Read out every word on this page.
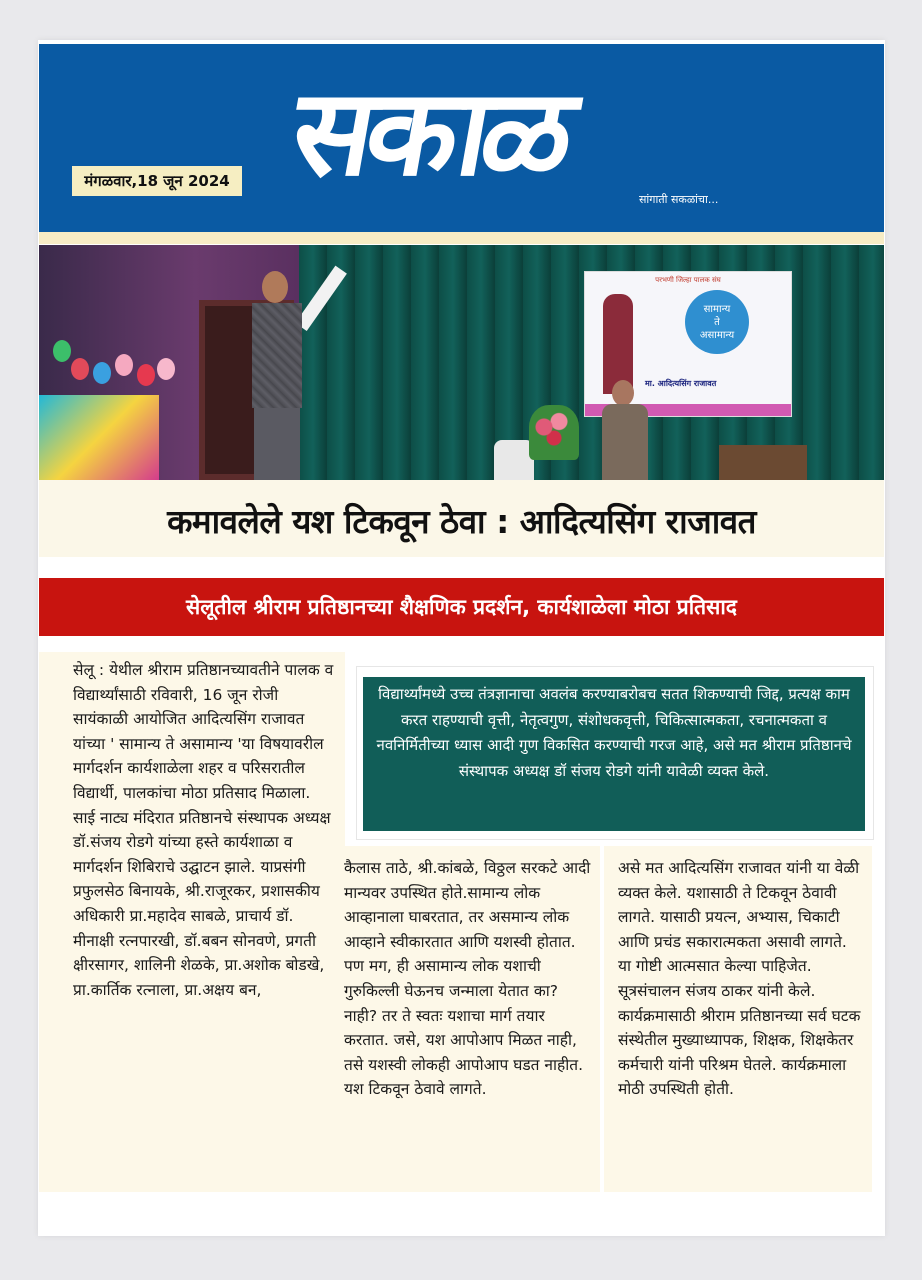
मंगळवार,18 जून 2024 सकाळ	सांगाती सकळांचा...
परभणी जिल्हा पालक संघ
सामान्य
ते
असामान्य
मा. आदित्यसिंग राजावत
कमावलेले यश टिकवून ठेवा : आदित्यसिंग राजावत
सेलूतील श्रीराम प्रतिष्ठानच्या शैक्षणिक प्रदर्शन, कार्यशाळेला मोठा प्रतिसाद

सेलू : येथील श्रीराम प्रतिष्ठानच्यावतीने पालक व विद्यार्थ्यांसाठी रविवारी, 16 जून रोजी सायंकाळी आयोजित आदित्यसिंग राजावत यांच्या ' सामान्य ते असामान्य 'या विषयावरील मार्गदर्शन कार्यशाळेला शहर व परिसरातील विद्यार्थी, पालकांचा मोठा प्रतिसाद मिळाला. साई नाट्य मंदिरात प्रतिष्ठानचे संस्थापक अध्यक्ष डॉ.संजय रोडगे यांच्या हस्ते कार्यशाळा व मार्गदर्शन शिबिराचे उद्घाटन झाले. याप्रसंगी प्रफुलसेठ बिनायके, श्री.राजूरकर, प्रशासकीय अधिकारी प्रा.महादेव साबळे, प्राचार्य डॉ. मीनाक्षी रत्नपारखी, डॉ.बबन सोनवणे, प्रगती क्षीरसागर, शालिनी शेळके, प्रा.अशोक बोडखे, प्रा.कार्तिक रत्नाला, प्रा.अक्षय बन,

विद्यार्थ्यांमध्ये उच्च तंत्रज्ञानाचा अवलंब करण्याबरोबच सतत शिकण्याची जिद्द, प्रत्यक्ष काम करत राहण्याची वृत्ती, नेतृत्वगुण, संशोधकवृत्ती, चिकित्सात्मकता, रचनात्मकता व नवनिर्मितीच्या ध्यास आदी गुण विकसित करण्याची गरज आहे, असे मत श्रीराम प्रतिष्ठानचे संस्थापक अध्यक्ष डॉ संजय रोडगे यांनी यावेळी व्यक्त केले.

कैलास ताठे, श्री.कांबळे, विठ्ठल सरकटे आदी मान्यवर उपस्थित होते.सामान्य लोक आव्हानाला घाबरतात, तर असमान्य लोक आव्हाने स्वीकारतात आणि यशस्वी होतात. पण मग, ही असामान्य लोक यशाची गुरुकिल्ली घेऊनच जन्माला येतात का? नाही? तर ते स्वतः यशाचा मार्ग तयार करतात. जसे, यश आपोआप मिळत नाही, तसे यशस्वी लोकही आपोआप घडत नाहीत. यश टिकवून ठेवावे लागते.

असे मत आदित्यसिंग राजावत यांनी या वेळी व्यक्त केले. यशासाठी ते टिकवून ठेवावी लागते. यासाठी प्रयत्न, अभ्यास, चिकाटी आणि प्रचंड सकारात्मकता असावी लागते. या गोष्टी आत्मसात केल्या पाहिजेत. सूत्रसंचालन संजय ठाकर यांनी केले. कार्यक्रमासाठी श्रीराम प्रतिष्ठानच्या सर्व घटक संस्थेतील मुख्याध्यापक, शिक्षक, शिक्षकेतर कर्मचारी यांनी परिश्रम घेतले. कार्यक्रमाला मोठी उपस्थिती होती.
